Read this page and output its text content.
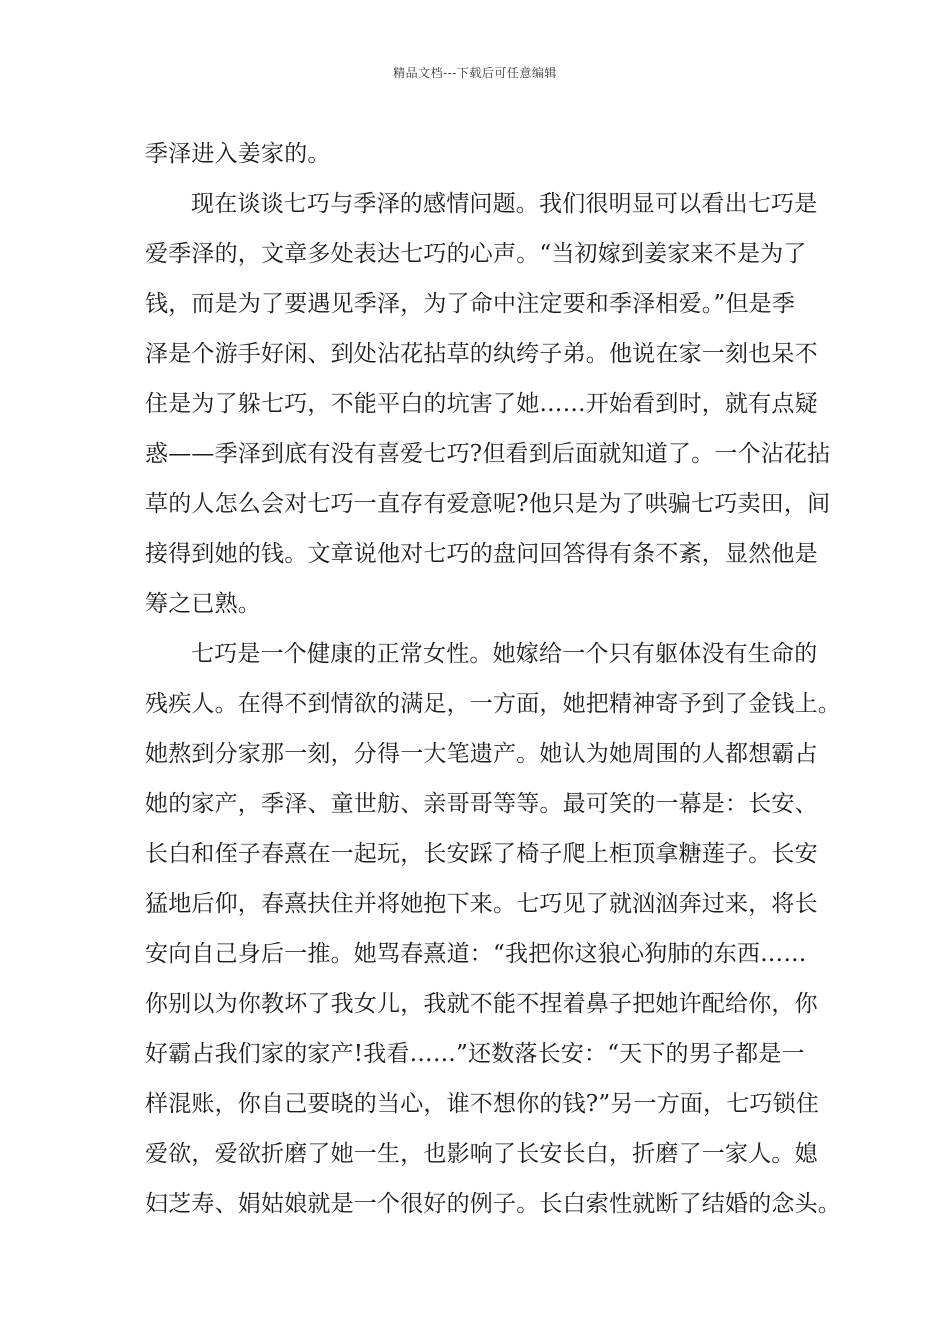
精品文档---下载后可任意编辑
季泽进入姜家的。
现在谈谈七巧与季泽的感情问题。我们很明显可以看出七巧是
爱季泽的，文章多处表达七巧的心声。“当初嫁到姜家来不是为了
钱，而是为了要遇见季泽，为了命中注定要和季泽相爱。”但是季
泽是个游手好闲、到处沾花拈草的纨绔子弟。他说在家一刻也呆不
住是为了躲七巧，不能平白的坑害了她……开始看到时，就有点疑
惑——季泽到底有没有喜爱七巧?但看到后面就知道了。一个沾花拈
草的人怎么会对七巧一直存有爱意呢?他只是为了哄骗七巧卖田，间
接得到她的钱。文章说他对七巧的盘问回答得有条不紊，显然他是
筹之已熟。
七巧是一个健康的正常女性。她嫁给一个只有躯体没有生命的
残疾人。在得不到情欲的满足，一方面，她把精神寄予到了金钱上。
她熬到分家那一刻，分得一大笔遗产。她认为她周围的人都想霸占
她的家产，季泽、童世舫、亲哥哥等等。最可笑的一幕是：长安、
长白和侄子春熹在一起玩，长安踩了椅子爬上柜顶拿糖莲子。长安
猛地后仰，春熹扶住并将她抱下来。七巧见了就汹汹奔过来，将长
安向自己身后一推。她骂春熹道：“我把你这狼心狗肺的东西……
你别以为你教坏了我女儿，我就不能不捏着鼻子把她许配给你，你
好霸占我们家的家产!我看……”还数落长安：“天下的男子都是一
样混账，你自己要晓的当心，谁不想你的钱?”另一方面，七巧锁住
爱欲，爱欲折磨了她一生，也影响了长安长白，折磨了一家人。媳
妇芝寿、娟姑娘就是一个很好的例子。长白索性就断了结婚的念头。
